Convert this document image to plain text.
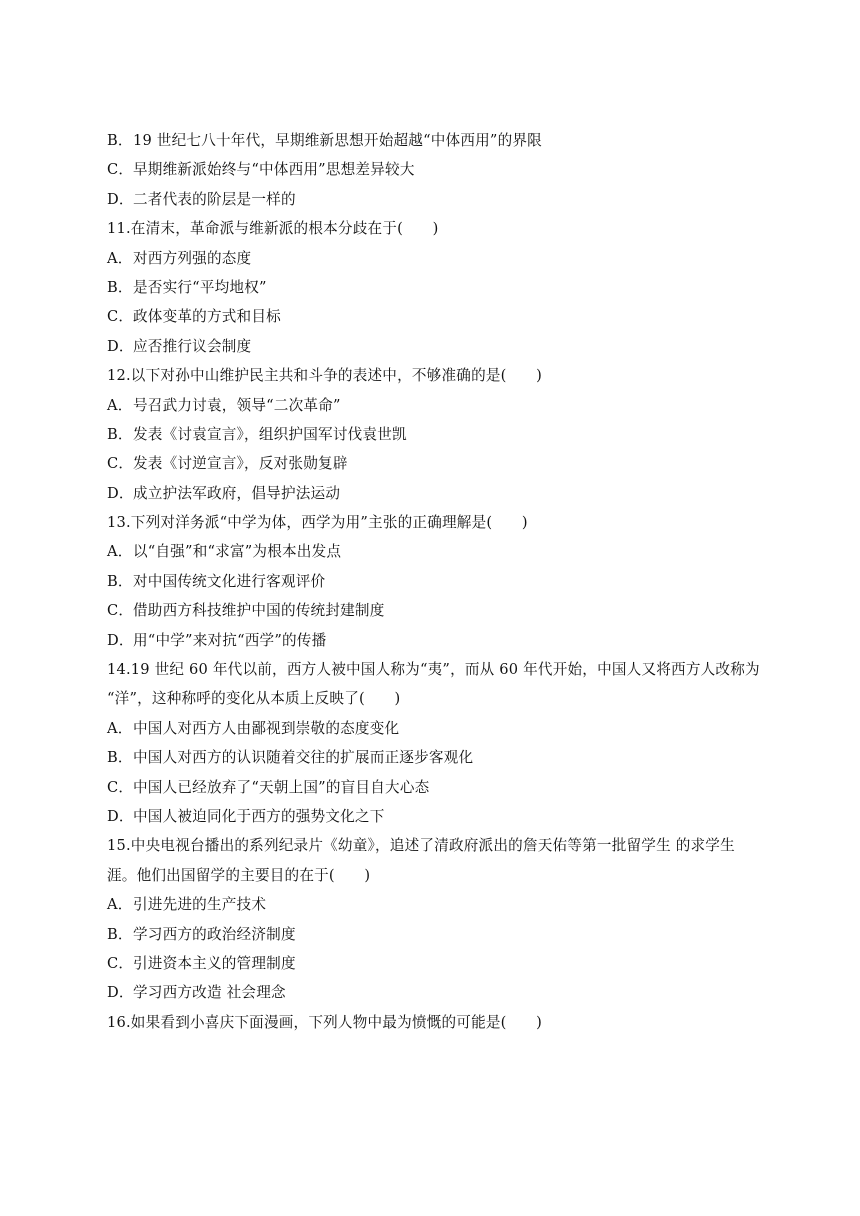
B．19 世纪七八十年代，早期维新思想开始超越“中体西用”的界限
C．早期维新派始终与“中体西用”思想差异较大
D．二者代表的阶层是一样的
11.在清末，革命派与维新派的根本分歧在于(　　)
A．对西方列强的态度
B．是否实行“平均地权”
C．政体变革的方式和目标
D．应否推行议会制度
12.以下对孙中山维护民主共和斗争的表述中，不够准确的是(　　)
A．号召武力讨袁，领导“二次革命”
B．发表《讨袁宣言》，组织护国军讨伐袁世凯
C．发表《讨逆宣言》，反对张勋复辟
D．成立护法军政府，倡导护法运动
13.下列对洋务派“中学为体，西学为用”主张的正确理解是(　　)
A．以“自强”和“求富”为根本出发点
B．对中国传统文化进行客观评价
C．借助西方科技维护中国的传统封建制度
D．用“中学”来对抗“西学”的传播
14.19 世纪 60 年代以前，西方人被中国人称为“夷”，而从 60 年代开始，中国人又将西方人改称为
“洋”，这种称呼的变化从本质上反映了(　　)
A．中国人对西方人由鄙视到崇敬的态度变化
B．中国人对西方的认识随着交往的扩展而正逐步客观化
C．中国人已经放弃了“天朝上国”的盲目自大心态
D．中国人被迫同化于西方的强势文化之下
15.中央电视台播出的系列纪录片《幼童》，追述了清政府派出的詹天佑等第一批留学生 的求学生
涯。他们出国留学的主要目的在于(　　)
A．引进先进的生产技术
B．学习西方的政治经济制度
C．引进资本主义的管理制度
D．学习西方改造 社会理念
16.如果看到小喜庆下面漫画，下列人物中最为愤慨的可能是(　　)
